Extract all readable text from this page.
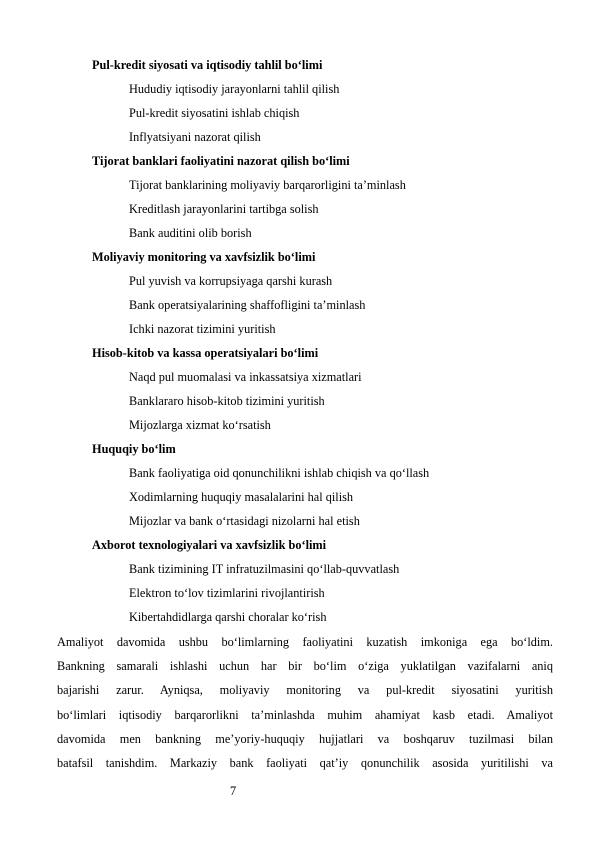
Pul-kredit siyosati va iqtisodiy tahlil bo‘limi
Hududiy iqtisodiy jarayonlarni tahlil qilish
Pul-kredit siyosatini ishlab chiqish
Inflyatsiyani nazorat qilish
Tijorat banklari faoliyatini nazorat qilish bo‘limi
Tijorat banklarining moliyaviy barqarorligini ta’minlash
Kreditlash jarayonlarini tartibga solish
Bank auditini olib borish
Moliyaviy monitoring va xavfsizlik bo‘limi
Pul yuvish va korrupsiyaga qarshi kurash
Bank operatsiyalarining shaffofligini ta’minlash
Ichki nazorat tizimini yuritish
Hisob-kitob va kassa operatsiyalari bo‘limi
Naqd pul muomalasi va inkassatsiya xizmatlari
Banklararo hisob-kitob tizimini yuritish
Mijozlarga xizmat ko‘rsatish
Huquqiy bo‘lim
Bank faoliyatiga oid qonunchilikni ishlab chiqish va qo‘llash
Xodimlarning huquqiy masalalarini hal qilish
Mijozlar va bank o‘rtasidagi nizolarni hal etish
Axborot texnologiyalari va xavfsizlik bo‘limi
Bank tizimining IT infratuzilmasini qo‘llab-quvvatlash
Elektron to‘lov tizimlarini rivojlantirish
Kibertahdidlarga qarshi choralar ko‘rish
Amaliyot davomida ushbu bo‘limlarning faoliyatini kuzatish imkoniga ega bo‘ldim.
Bankning samarali ishlashi uchun har bir bo‘lim o‘ziga yuklatilgan vazifalarni aniq
bajarishi zarur. Ayniqsa, moliyaviy monitoring va pul-kredit siyosatini yuritish
bo‘limlari iqtisodiy barqarorlikni ta’minlashda muhim ahamiyat kasb etadi. Amaliyot
davomida men bankning me’yoriy-huquqiy hujjatlari va boshqaruv tuzilmasi bilan
batafsil tanishdim. Markaziy bank faoliyati qat’iy qonunchilik asosida yuritilishi va
7
